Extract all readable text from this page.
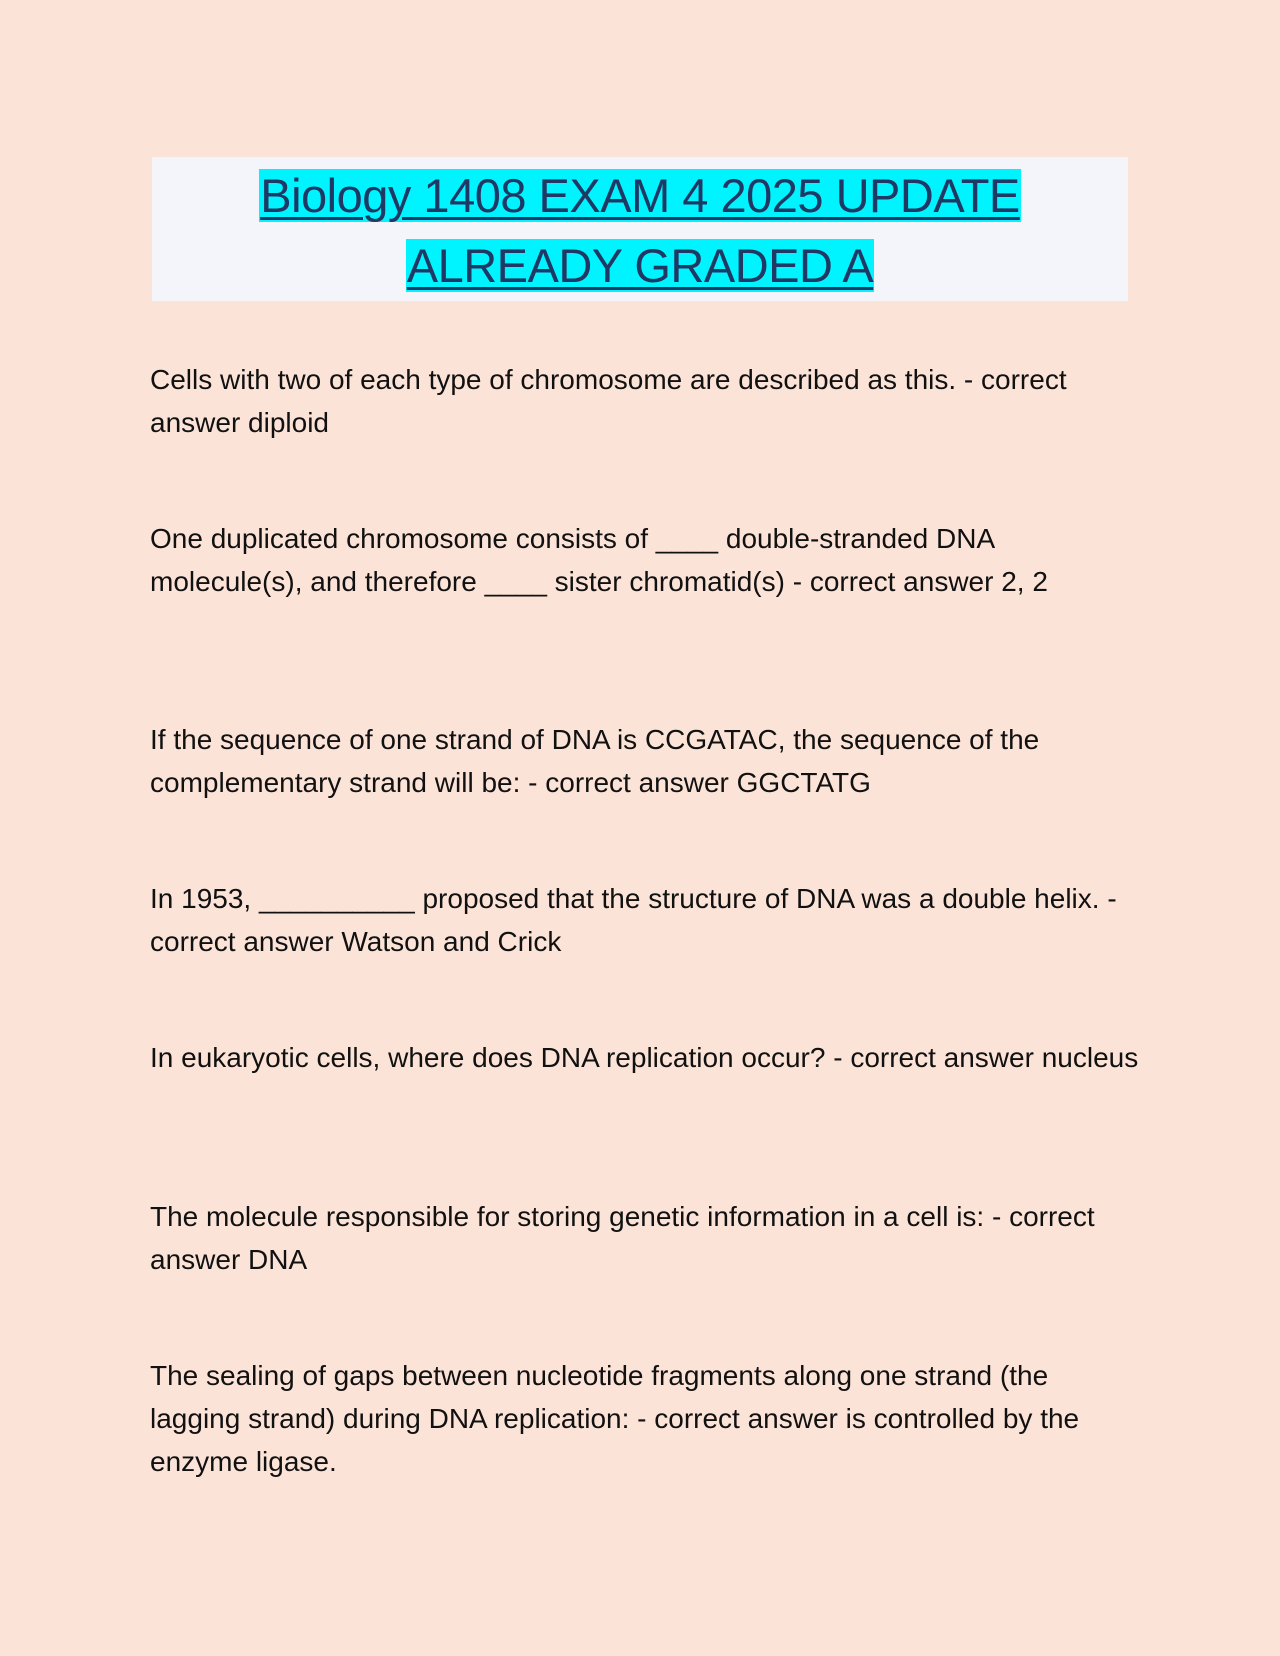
Biology 1408 EXAM 4 2025 UPDATE
ALREADY GRADED A

Cells with two of each type of chromosome are described as this. - correct answer diploid

One duplicated chromosome consists of ____ double-stranded DNA molecule(s), and therefore ____ sister chromatid(s) - correct answer 2, 2

If the sequence of one strand of DNA is CCGATAC, the sequence of the complementary strand will be: - correct answer GGCTATG

In 1953, __________ proposed that the structure of DNA was a double helix. - correct answer Watson and Crick

In eukaryotic cells, where does DNA replication occur? - correct answer nucleus

The molecule responsible for storing genetic information in a cell is: - correct answer DNA

The sealing of gaps between nucleotide fragments along one strand (the lagging strand) during DNA replication: - correct answer is controlled by the enzyme ligase.
